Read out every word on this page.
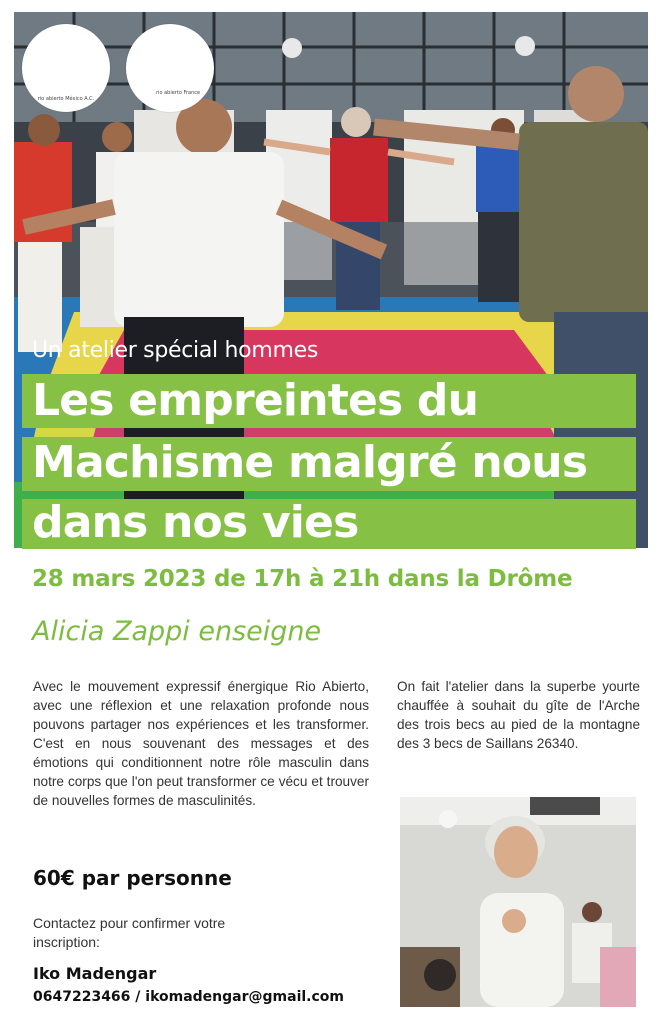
rio abierto México A.C.
rio abierto France
Un atelier spécial hommes
Les empreintes du
Machisme malgré nous
dans nos vies
28 mars 2023 de 17h à 21h dans la Drôme
Alicia Zappi enseigne
Avec le mouvement expressif énergique Rio Abierto, avec une réflexion et une relaxation profonde nous pouvons partager nos expériences et les transformer. C'est en nous souvenant des messages et des émotions qui conditionnent notre rôle masculin dans notre corps que l'on peut transformer ce vécu et trouver de nouvelles formes de masculinités.
On fait l'atelier dans la superbe yourte chauffée à souhait du gîte de l'Arche des trois becs au pied de la montagne des 3 becs de Saillans 26340.
60€ par personne
Contactez pour confirmer votre inscription:
Iko Madengar
0647223466 / ikomadengar@gmail.com
